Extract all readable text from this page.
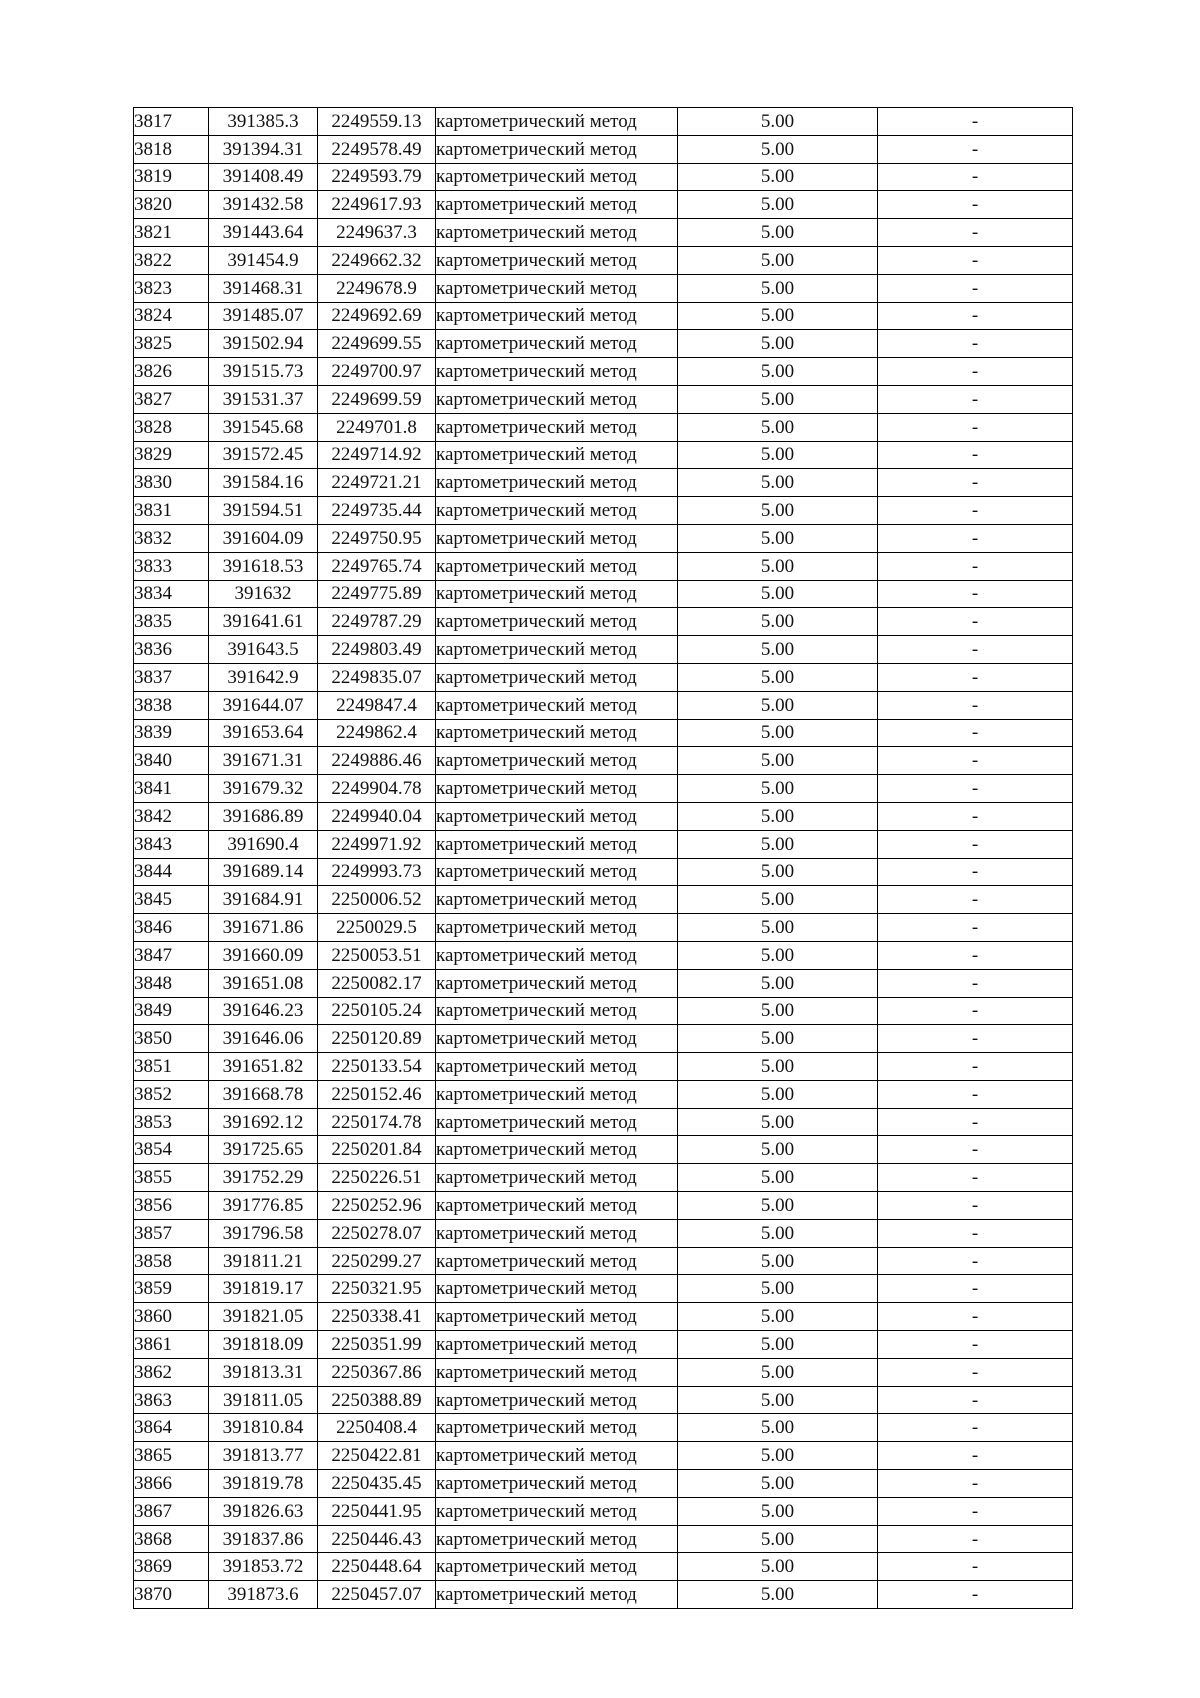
3817	391385.3	2249559.13	картометрический метод	5.00	-
3818	391394.31	2249578.49	картометрический метод	5.00	-
3819	391408.49	2249593.79	картометрический метод	5.00	-
3820	391432.58	2249617.93	картометрический метод	5.00	-
3821	391443.64	2249637.3	картометрический метод	5.00	-
3822	391454.9	2249662.32	картометрический метод	5.00	-
3823	391468.31	2249678.9	картометрический метод	5.00	-
3824	391485.07	2249692.69	картометрический метод	5.00	-
3825	391502.94	2249699.55	картометрический метод	5.00	-
3826	391515.73	2249700.97	картометрический метод	5.00	-
3827	391531.37	2249699.59	картометрический метод	5.00	-
3828	391545.68	2249701.8	картометрический метод	5.00	-
3829	391572.45	2249714.92	картометрический метод	5.00	-
3830	391584.16	2249721.21	картометрический метод	5.00	-
3831	391594.51	2249735.44	картометрический метод	5.00	-
3832	391604.09	2249750.95	картометрический метод	5.00	-
3833	391618.53	2249765.74	картометрический метод	5.00	-
3834	391632	2249775.89	картометрический метод	5.00	-
3835	391641.61	2249787.29	картометрический метод	5.00	-
3836	391643.5	2249803.49	картометрический метод	5.00	-
3837	391642.9	2249835.07	картометрический метод	5.00	-
3838	391644.07	2249847.4	картометрический метод	5.00	-
3839	391653.64	2249862.4	картометрический метод	5.00	-
3840	391671.31	2249886.46	картометрический метод	5.00	-
3841	391679.32	2249904.78	картометрический метод	5.00	-
3842	391686.89	2249940.04	картометрический метод	5.00	-
3843	391690.4	2249971.92	картометрический метод	5.00	-
3844	391689.14	2249993.73	картометрический метод	5.00	-
3845	391684.91	2250006.52	картометрический метод	5.00	-
3846	391671.86	2250029.5	картометрический метод	5.00	-
3847	391660.09	2250053.51	картометрический метод	5.00	-
3848	391651.08	2250082.17	картометрический метод	5.00	-
3849	391646.23	2250105.24	картометрический метод	5.00	-
3850	391646.06	2250120.89	картометрический метод	5.00	-
3851	391651.82	2250133.54	картометрический метод	5.00	-
3852	391668.78	2250152.46	картометрический метод	5.00	-
3853	391692.12	2250174.78	картометрический метод	5.00	-
3854	391725.65	2250201.84	картометрический метод	5.00	-
3855	391752.29	2250226.51	картометрический метод	5.00	-
3856	391776.85	2250252.96	картометрический метод	5.00	-
3857	391796.58	2250278.07	картометрический метод	5.00	-
3858	391811.21	2250299.27	картометрический метод	5.00	-
3859	391819.17	2250321.95	картометрический метод	5.00	-
3860	391821.05	2250338.41	картометрический метод	5.00	-
3861	391818.09	2250351.99	картометрический метод	5.00	-
3862	391813.31	2250367.86	картометрический метод	5.00	-
3863	391811.05	2250388.89	картометрический метод	5.00	-
3864	391810.84	2250408.4	картометрический метод	5.00	-
3865	391813.77	2250422.81	картометрический метод	5.00	-
3866	391819.78	2250435.45	картометрический метод	5.00	-
3867	391826.63	2250441.95	картометрический метод	5.00	-
3868	391837.86	2250446.43	картометрический метод	5.00	-
3869	391853.72	2250448.64	картометрический метод	5.00	-
3870	391873.6	2250457.07	картометрический метод	5.00	-
